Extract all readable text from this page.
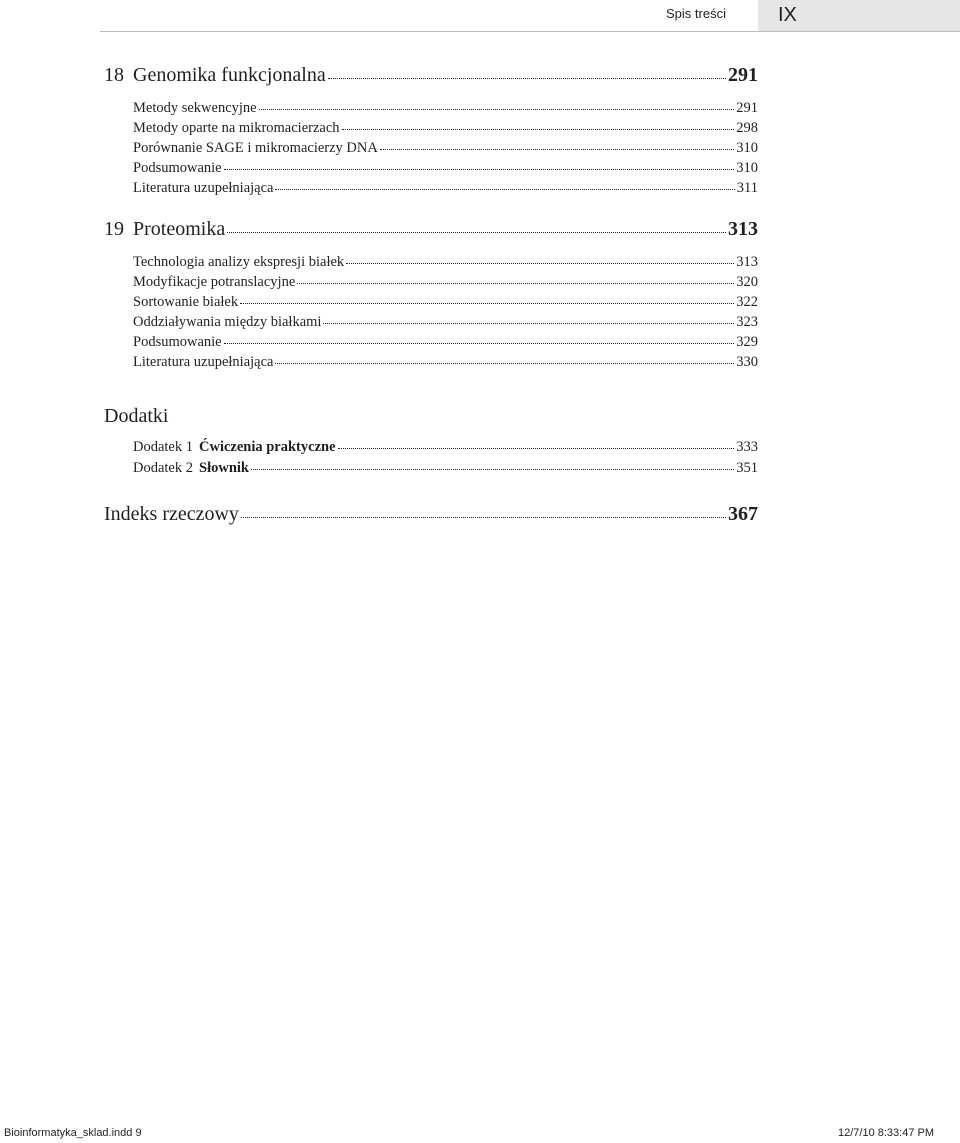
Spis treści	IX
18 Genomika funkcjonalna	291
Metody sekwencyjne	291
Metody oparte na mikromacierzach	298
Porównanie SAGE i mikromacierzy DNA	310
Podsumowanie	310
Literatura uzupełniająca	311
19 Proteomika	313
Technologia analizy ekspresji białek	313
Modyfikacje potranslacyjne	320
Sortowanie białek	322
Oddziaływania między białkami	323
Podsumowanie	329
Literatura uzupełniająca	330
Dodatek 1 Ćwiczenia praktyczne	333
Dodatek 2 Słownik	351
Indeks rzeczowy	367
Dodatki
Bioinformatyka_sklad.indd 9	12/7/10 8:33:47 PM
